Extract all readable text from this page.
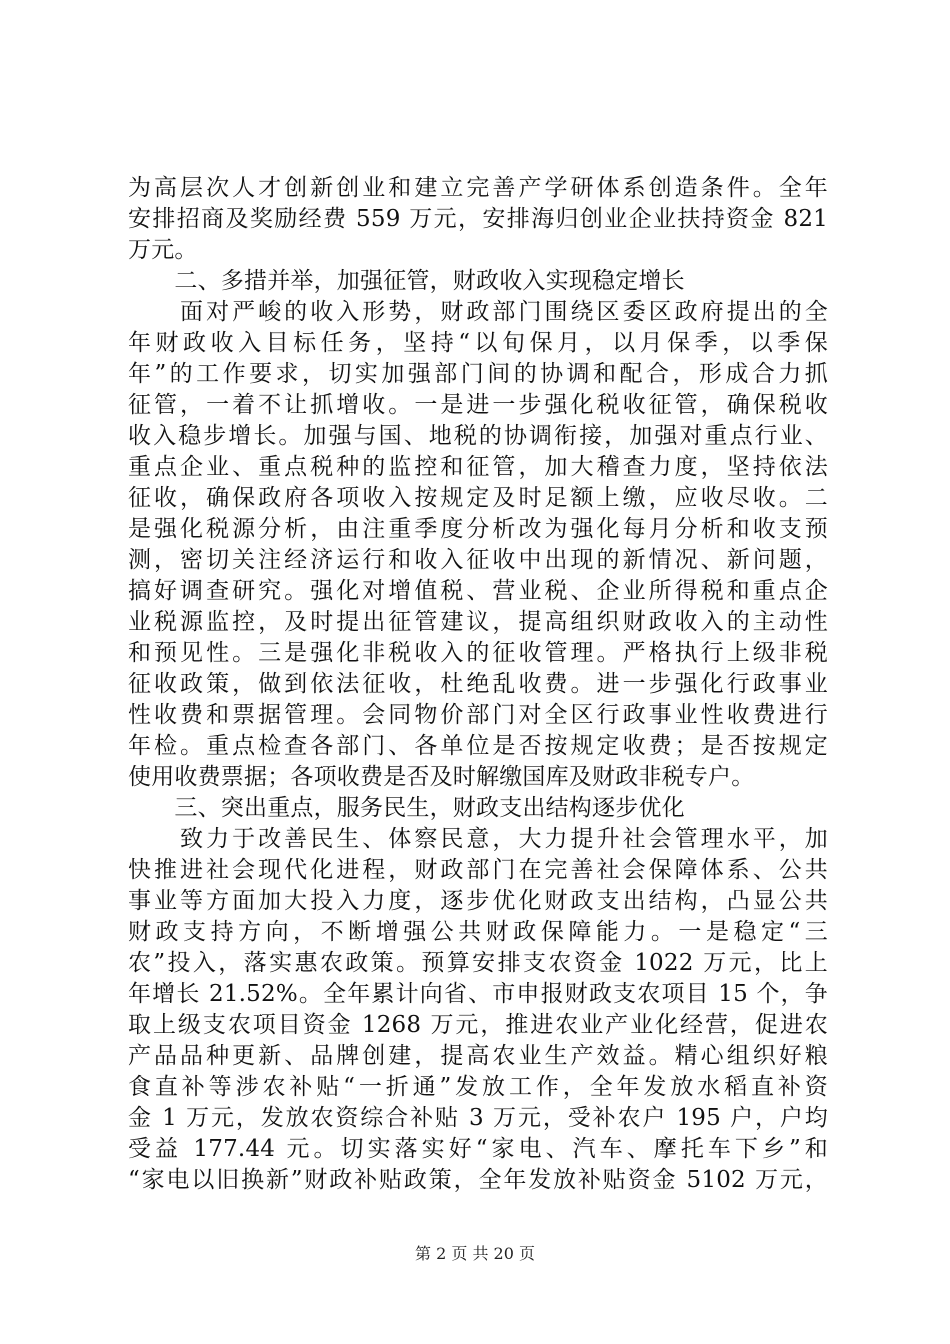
为高层次人才创新创业和建立完善产学研体系创造条件。全年
安排招商及奖励经费 559 万元，安排海归创业企业扶持资金 821
万元。
　　二、多措并举，加强征管，财政收入实现稳定增长
　　面对严峻的收入形势，财政部门围绕区委区政府提出的全
年财政收入目标任务，坚持“以旬保月，以月保季，以季保
年”的工作要求，切实加强部门间的协调和配合，形成合力抓
征管，一着不让抓增收。一是进一步强化税收征管，确保税收
收入稳步增长。加强与国、地税的协调衔接，加强对重点行业、
重点企业、重点税种的监控和征管，加大稽查力度，坚持依法
征收，确保政府各项收入按规定及时足额上缴，应收尽收。二
是强化税源分析，由注重季度分析改为强化每月分析和收支预
测，密切关注经济运行和收入征收中出现的新情况、新问题，
搞好调查研究。强化对增值税、营业税、企业所得税和重点企
业税源监控，及时提出征管建议，提高组织财政收入的主动性
和预见性。三是强化非税收入的征收管理。严格执行上级非税
征收政策，做到依法征收，杜绝乱收费。进一步强化行政事业
性收费和票据管理。会同物价部门对全区行政事业性收费进行
年检。重点检查各部门、各单位是否按规定收费；是否按规定
使用收费票据；各项收费是否及时解缴国库及财政非税专户。
　　三、突出重点，服务民生，财政支出结构逐步优化
　　致力于改善民生、体察民意，大力提升社会管理水平，加
快推进社会现代化进程，财政部门在完善社会保障体系、公共
事业等方面加大投入力度，逐步优化财政支出结构，凸显公共
财政支持方向，不断增强公共财政保障能力。一是稳定“三
农”投入，落实惠农政策。预算安排支农资金 1022 万元，比上
年增长 21.52%。全年累计向省、市申报财政支农项目 15 个，争
取上级支农项目资金 1268 万元，推进农业产业化经营，促进农
产品品种更新、品牌创建，提高农业生产效益。精心组织好粮
食直补等涉农补贴“一折通”发放工作，全年发放水稻直补资
金 1 万元，发放农资综合补贴 3 万元，受补农户 195 户，户均
受益 177.44 元。切实落实好“家电、汽车、摩托车下乡”和
“家电以旧换新”财政补贴政策，全年发放补贴资金 5102 万元，
第 2 页 共 20 页
